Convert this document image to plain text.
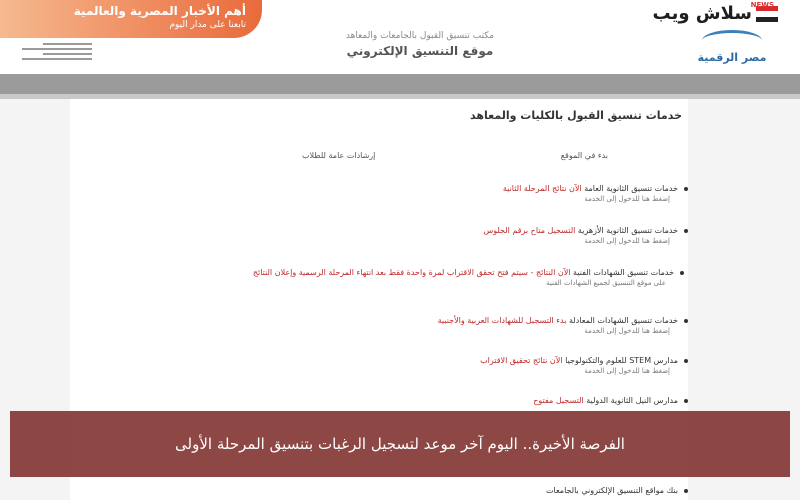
أهم الأخبار المصرية والعالمية
تابعنا على مدار اليوم
مكتب تنسيق القبول بالجامعات والمعاهد
موقع التنسيق الإلكتروني
NEWS
سلاش ويب
مصر الرقمية
خدمات تنسيق القبول بالكليات والمعاهد
بدء في الموقع
إرشادات عامة للطلاب
خدمات تنسيق الثانوية العامة الآن نتائج المرحلة الثانية
إضغط هنا للدخول إلى الخدمة
خدمات تنسيق الثانوية الأزهرية التسجيل متاح برقم الجلوس
إضغط هنا للدخول إلى الخدمة
خدمات تنسيق الشهادات الفنية الآن النتائج - سيتم فتح تحقق الاقتراب لمرة واحدة فقط بعد انتهاء المرحلة الرسمية وإعلان النتائج
على موقع التنسيق لجميع الشهادات الفنية
خدمات تنسيق الشهادات المعادلة بدء التسجيل للشهادات العربية والأجنبية
إضغط هنا للدخول إلى الخدمة
مدارس STEM للعلوم والتكنولوجيا الآن نتائج تحقيق الاقتراب
إضغط هنا للدخول إلى الخدمة
مدارس النيل الثانوية الدولية التسجيل مفتوح
بنك مواقع التنسيق الإلكتروني بالجامعات
الفرصة الأخيرة.. اليوم آخر موعد لتسجيل الرغبات بتنسيق المرحلة الأولى
